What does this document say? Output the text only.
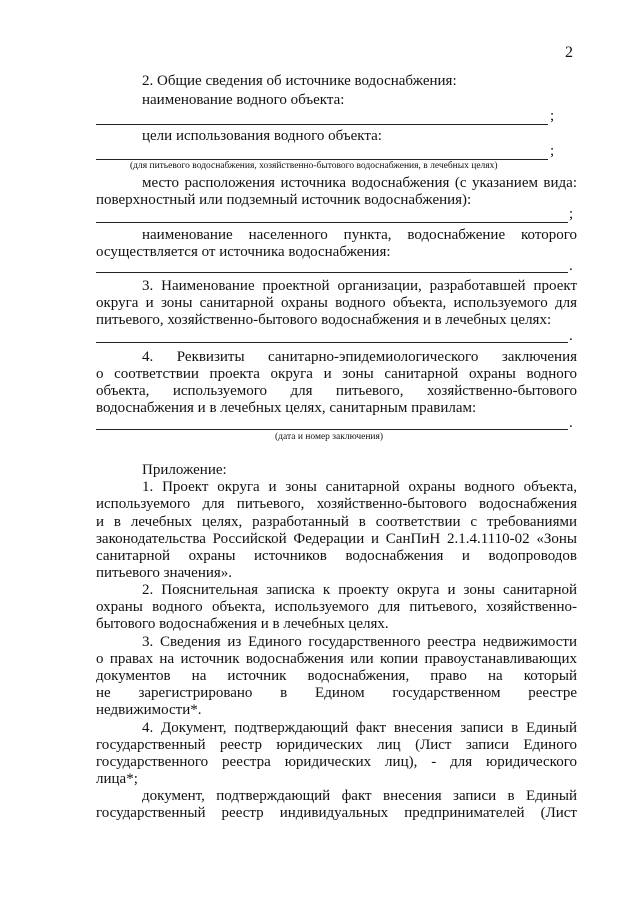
2
2. Общие сведения об источнике водоснабжения:
наименование водного объекта:
;
цели использования водного объекта:
;
(для питьевого водоснабжения, хозяйственно-бытового водоснабжения, в лечебных целях)
место расположения источника водоснабжения (с указанием вида:
поверхностный или подземный источник водоснабжения):
;
наименование населенного пункта, водоснабжение которого
осуществляется от источника водоснабжения:
.
3. Наименование проектной организации, разработавшей проект
округа и зоны санитарной охраны водного объекта, используемого для
питьевого, хозяйственно-бытового водоснабжения и в лечебных целях:
.
4. Реквизиты санитарно-эпидемиологического заключения
о соответствии проекта округа и зоны санитарной охраны водного
объекта, используемого для питьевого, хозяйственно-бытового
водоснабжения и в лечебных целях, санитарным правилам:
.
(дата и номер заключения)
Приложение:
1. Проект округа и зоны санитарной охраны водного объекта,
используемого для питьевого, хозяйственно-бытового водоснабжения
и в лечебных целях, разработанный в соответствии с требованиями
законодательства Российской Федерации и СанПиН 2.1.4.1110-02 «Зоны
санитарной охраны источников водоснабжения и водопроводов
питьевого значения».
2. Пояснительная записка к проекту округа и зоны санитарной
охраны водного объекта, используемого для питьевого, хозяйственно-
бытового водоснабжения и в лечебных целях.
3. Сведения из Единого государственного реестра недвижимости
о правах на источник водоснабжения или копии правоустанавливающих
документов на источник водоснабжения, право на который
не зарегистрировано в Едином государственном реестре
недвижимости*.
4. Документ, подтверждающий факт внесения записи в Единый
государственный реестр юридических лиц (Лист записи Единого
государственного реестра юридических лиц), - для юридического
лица*;
документ, подтверждающий факт внесения записи в Единый
государственный реестр индивидуальных предпринимателей (Лист
